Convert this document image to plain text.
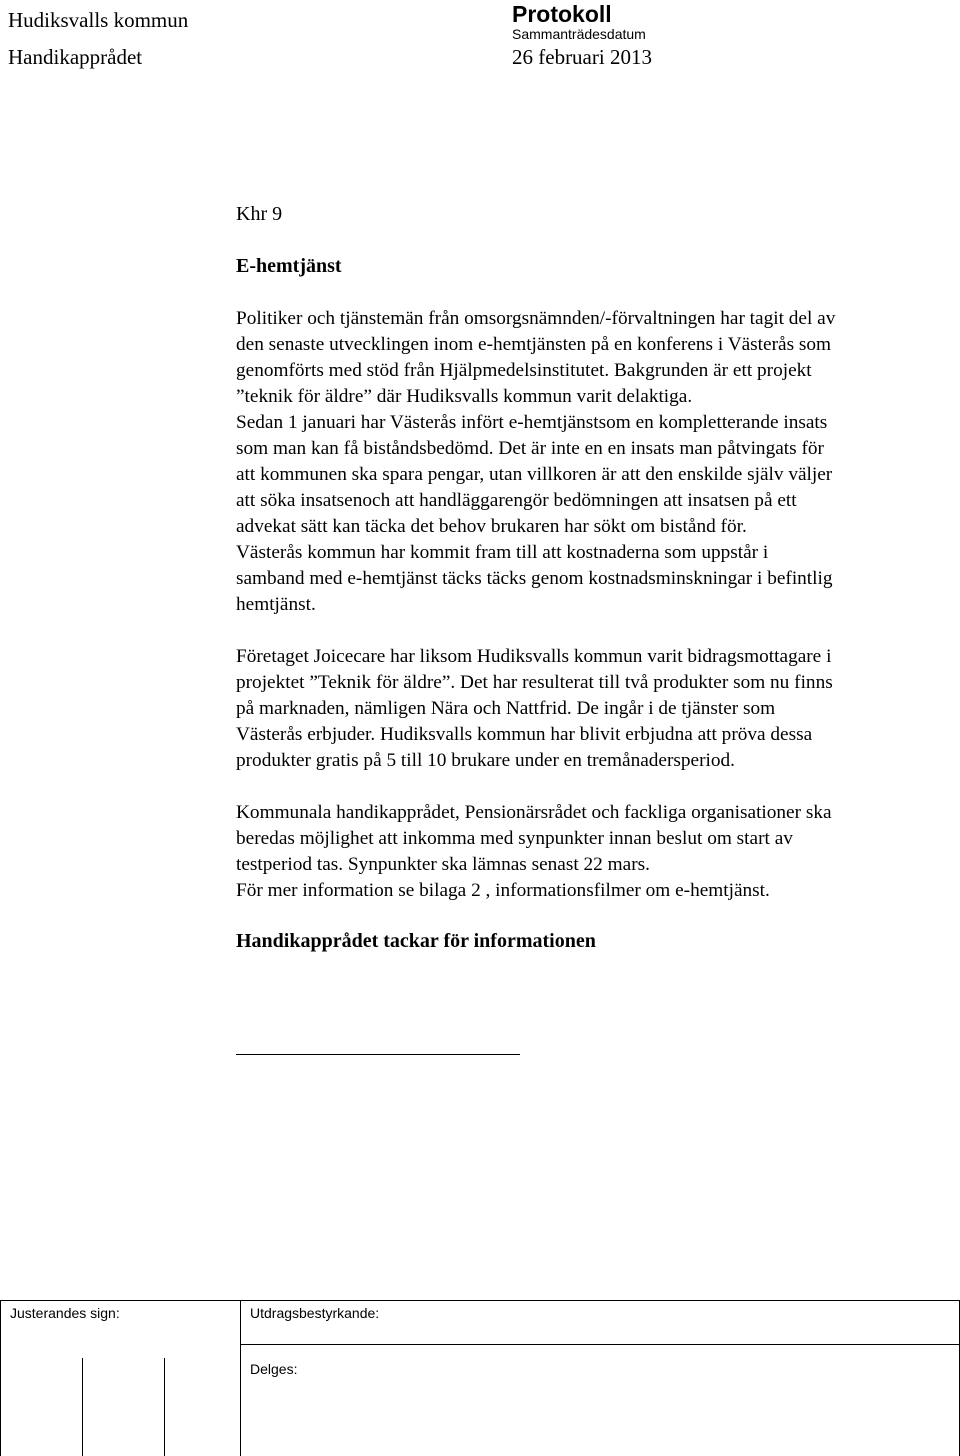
Hudiksvalls kommun
Handikapprådet
Protokoll
Sammanträdesdatum
26 februari 2013
Khr 9
E-hemtjänst
Politiker och tjänstemän från omsorgsnämnden/-förvaltningen har tagit del av
den senaste utvecklingen inom e-hemtjänsten på en konferens i Västerås som
genomförts med stöd från Hjälpmedelsinstitutet. Bakgrunden är ett projekt
”teknik för äldre” där Hudiksvalls kommun varit delaktiga.
Sedan 1 januari har Västerås infört e-hemtjänstsom en kompletterande insats
som man kan få biståndsbedömd. Det är inte en en insats man påtvingats för
att kommunen ska spara pengar, utan villkoren är att den enskilde själv väljer
att söka insatsenoch att handläggarengör bedömningen att insatsen på ett
advekat sätt kan täcka det behov brukaren har sökt om bistånd för.
Västerås kommun har kommit fram till att kostnaderna som uppstår i
samband med e-hemtjänst täcks täcks genom kostnadsminskningar i befintlig
hemtjänst.
Företaget Joicecare har liksom Hudiksvalls kommun varit bidragsmottagare i
projektet ”Teknik för äldre”. Det har resulterat till två produkter som nu finns
på marknaden, nämligen Nära och Nattfrid. De ingår i de tjänster som
Västerås erbjuder. Hudiksvalls kommun har blivit erbjudna att pröva dessa
produkter gratis på 5 till 10 brukare under en tremånadersperiod.
Kommunala handikapprådet, Pensionärsrådet och fackliga organisationer ska
beredas möjlighet att inkomma med synpunkter innan beslut om start av
testperiod tas. Synpunkter ska lämnas senast 22 mars.
För mer information se bilaga 2 , informationsfilmer om e-hemtjänst.
Handikapprådet tackar för informationen
Justerandes sign:	Utdragsbestyrkande:
Delges:
